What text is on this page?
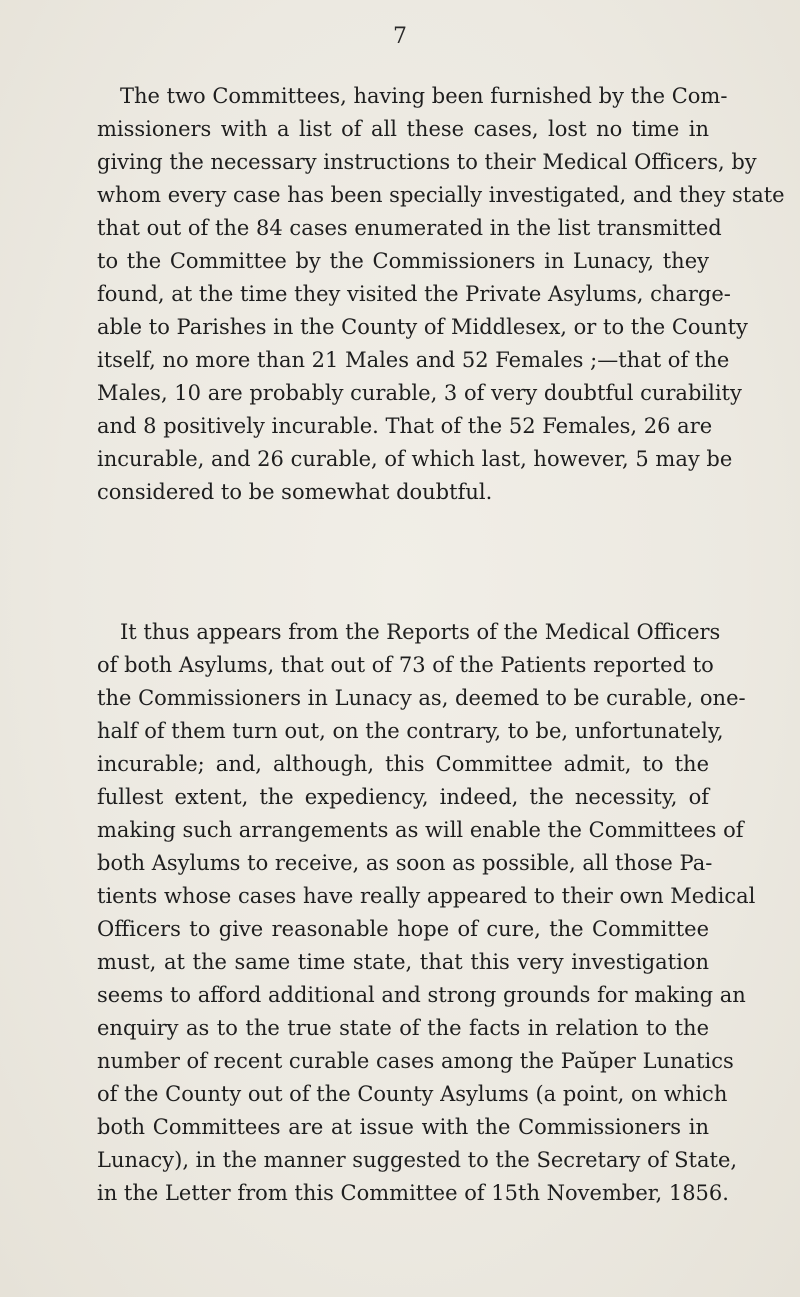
7
The two Committees, having been furnished by the Com-
missioners with a list of all these cases, lost no time in
giving the necessary instructions to their Medical Officers, by
whom every case has been specially investigated, and they state
that out of the 84 cases enumerated in the list transmitted
to the Committee by the Commissioners in Lunacy, they
found, at the time they visited the Private Asylums, charge-
able to Parishes in the County of Middlesex, or to the County
itself, no more than 21 Males and 52 Females ;—that of the
Males, 10 are probably curable, 3 of very doubtful curability
and 8 positively incurable. That of the 52 Females, 26 are
incurable, and 26 curable, of which last, however, 5 may be
considered to be somewhat doubtful.
It thus appears from the Reports of the Medical Officers
of both Asylums, that out of 73 of the Patients reported to
the Commissioners in Lunacy as, deemed to be curable, one-
half of them turn out, on the contrary, to be, unfortunately,
incurable; and, although, this Committee admit, to the
fullest extent, the expediency, indeed, the necessity, of
making such arrangements as will enable the Committees of
both Asylums to receive, as soon as possible, all those Pa-
tients whose cases have really appeared to their own Medical
Officers to give reasonable hope of cure, the Committee
must, at the same time state, that this very investigation
seems to afford additional and strong grounds for making an
enquiry as to the true state of the facts in relation to the
number of recent curable cases among the Paŭper Lunatics
of the County out of the County Asylums (a point, on which
both Committees are at issue with the Commissioners in
Lunacy), in the manner suggested to the Secretary of State,
in the Letter from this Committee of 15th November, 1856.
